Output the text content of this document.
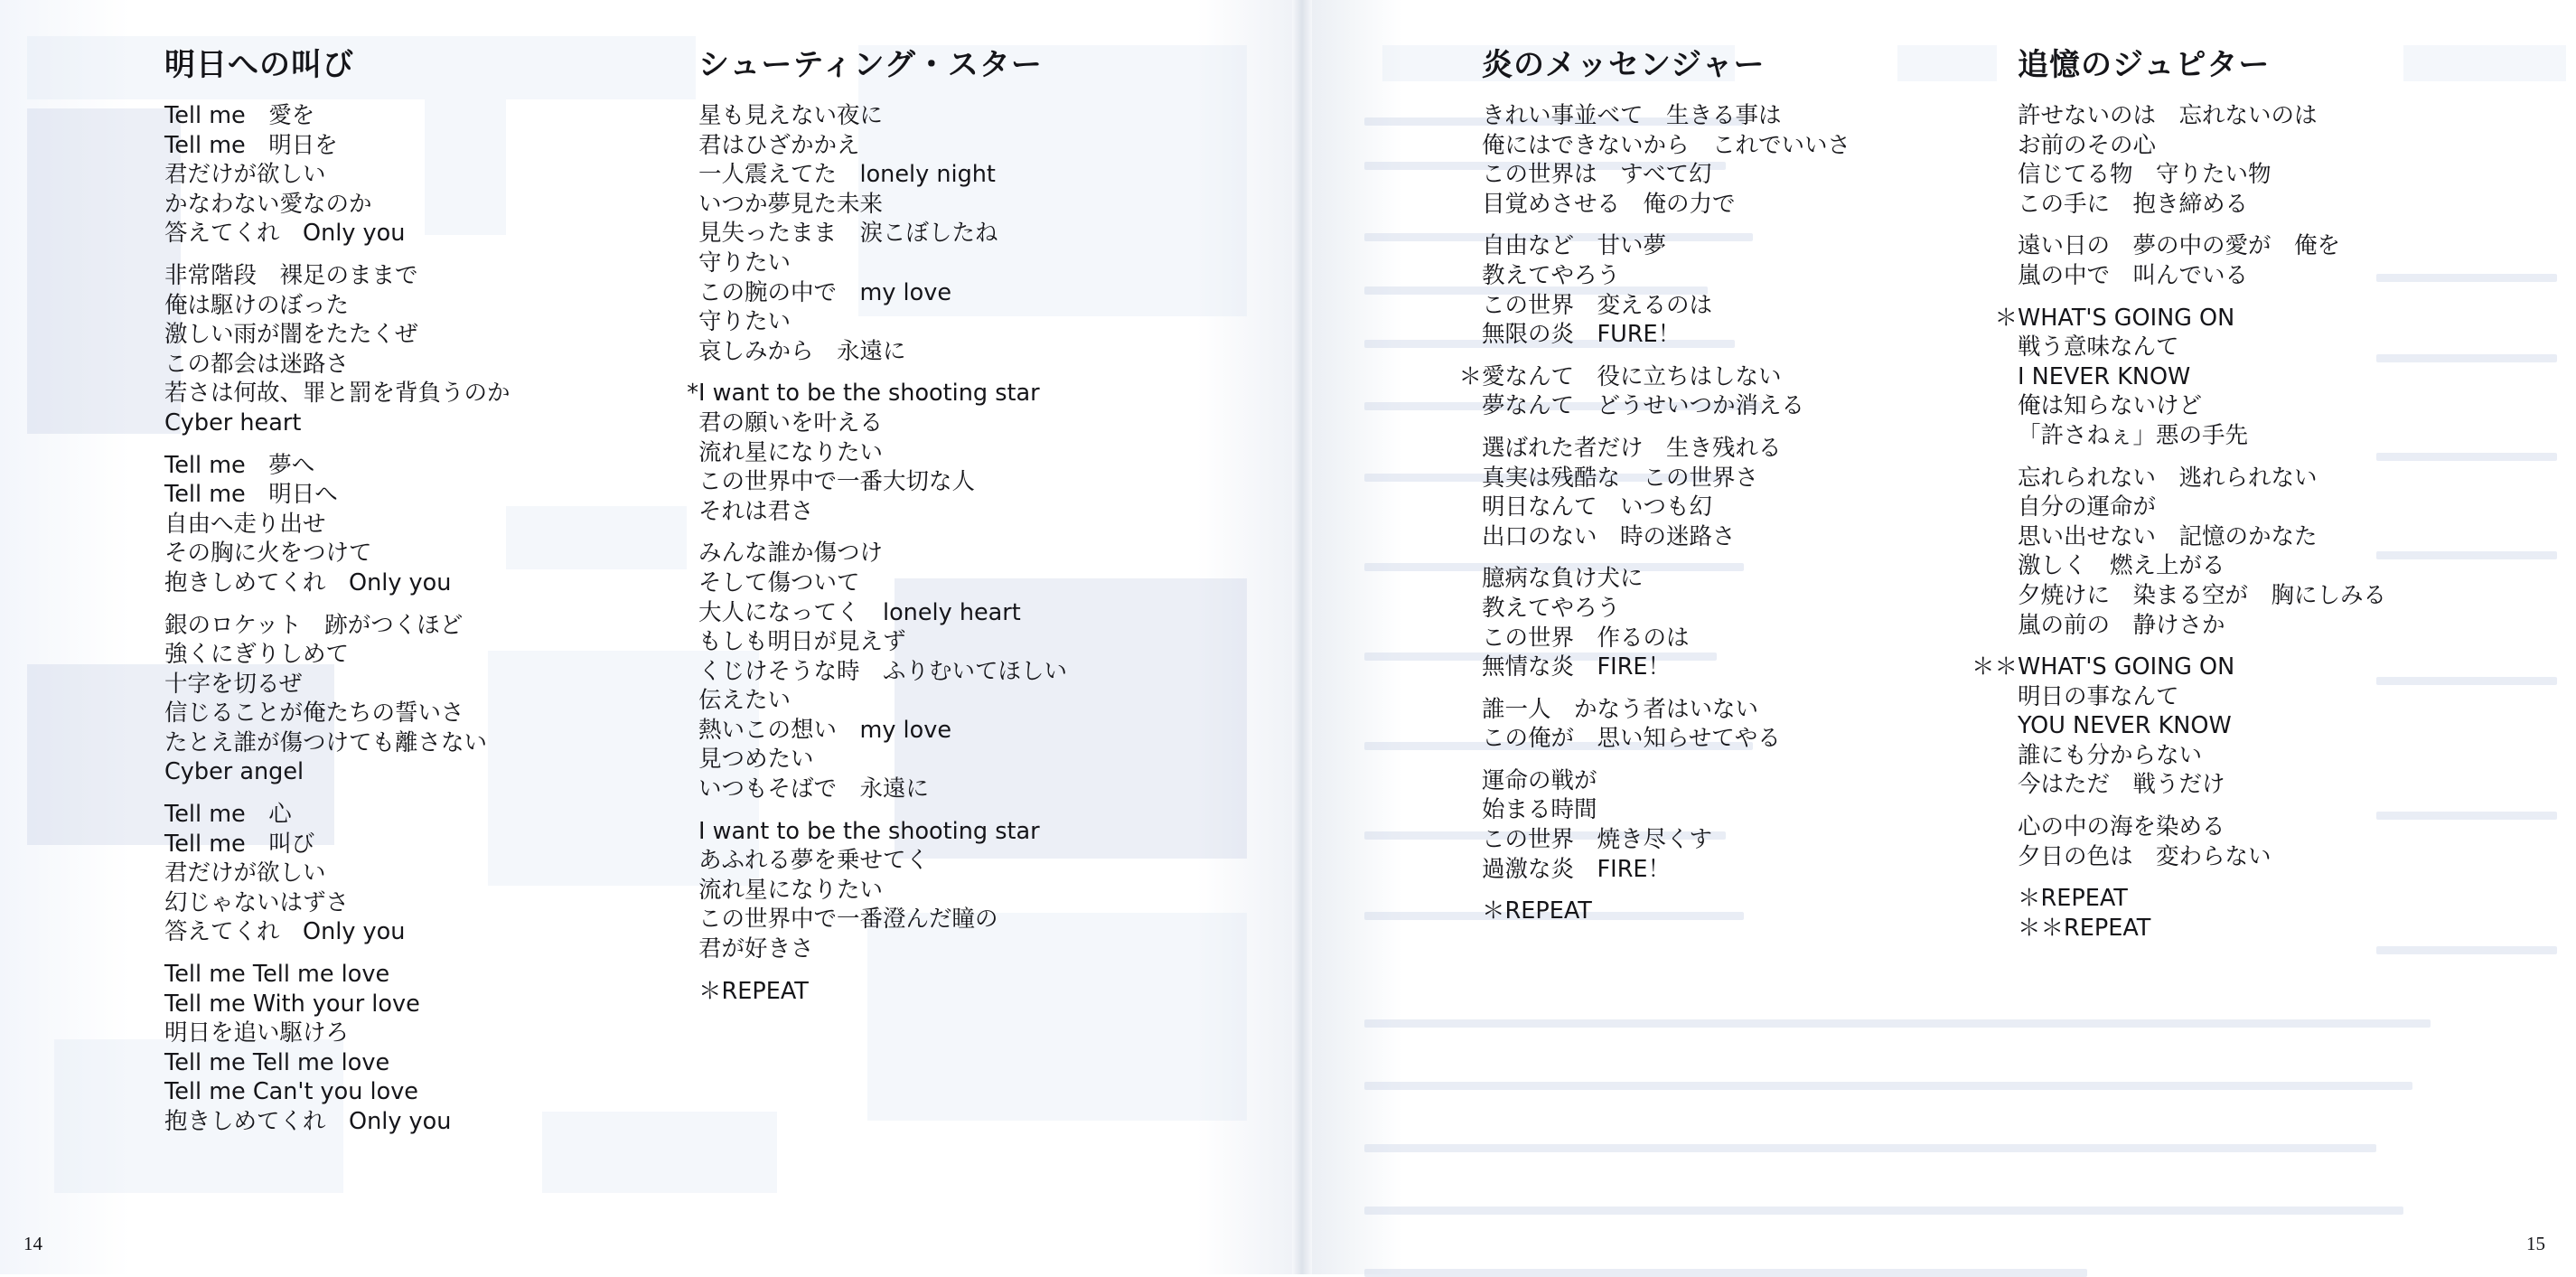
明日への叫び
Tell me　愛を
Tell me　明日を
君だけが欲しい
かなわない愛なのか
答えてくれ　Only you
非常階段　裸足のままで
俺は駆けのぼった
激しい雨が闇をたたくぜ
この都会は迷路さ
若さは何故、罪と罰を背負うのか
Cyber heart
Tell me　夢へ
Tell me　明日へ
自由へ走り出せ
その胸に火をつけて
抱きしめてくれ　Only you
銀のロケット　跡がつくほど
強くにぎりしめて
十字を切るぜ
信じることが俺たちの誓いさ
たとえ誰が傷つけても離さない
Cyber angel
Tell me　心
Tell me　叫び
君だけが欲しい
幻じゃないはずさ
答えてくれ　Only you
Tell me Tell me love
Tell me With your love
明日を追い駆けろ
Tell me Tell me love
Tell me Can't you love
抱きしめてくれ　Only you
シューティング・スター
星も見えない夜に
君はひざかかえ
一人震えてた　lonely night
いつか夢見た未来
見失ったまま　涙こぼしたね
守りたい
この腕の中で　my love
守りたい
哀しみから　永遠に
* I want to be the shooting star
君の願いを叶える
流れ星になりたい
この世界中で一番大切な人
それは君さ
みんな誰か傷つけ
そして傷ついて
大人になってく　lonely heart
もしも明日が見えず
くじけそうな時　ふりむいてほしい
伝えたい
熱いこの想い　my love
見つめたい
いつもそばで　永遠に
I want to be the shooting star
あふれる夢を乗せてく
流れ星になりたい
この世界中で一番澄んだ瞳の
君が好きさ
＊REPEAT
炎のメッセンジャー
きれい事並べて　生きる事は
俺にはできないから　これでいいさ
この世界は　すべて幻
目覚めさせる　俺の力で
自由など　甘い夢
教えてやろう
この世界　変えるのは
無限の炎　FURE！
＊ 愛なんて　役に立ちはしない
夢なんて　どうせいつか消える
選ばれた者だけ　生き残れる
真実は残酷な　この世界さ
明日なんて　いつも幻
出口のない　時の迷路さ
臆病な負け犬に
教えてやろう
この世界　作るのは
無情な炎　FIRE！
誰一人　かなう者はいない
この俺が　思い知らせてやる
運命の戦が
始まる時間
この世界　焼き尽くす
過激な炎　FIRE！
＊REPEAT
追憶のジュピター
許せないのは　忘れないのは
お前のその心
信じてる物　守りたい物
この手に　抱き締める
遠い日の　夢の中の愛が　俺を
嵐の中で　叫んでいる
＊ WHAT'S GOING ON
戦う意味なんて
I NEVER KNOW
俺は知らないけど
「許さねぇ」悪の手先
忘れられない　逃れられない
自分の運命が
思い出せない　記憶のかなた
激しく　燃え上がる
夕焼けに　染まる空が　胸にしみる
嵐の前の　静けさか
＊＊ WHAT'S GOING ON
明日の事なんて
YOU NEVER KNOW
誰にも分からない
今はただ　戦うだけ
心の中の海を染める
夕日の色は　変わらない
＊REPEAT
＊＊REPEAT
14	15
